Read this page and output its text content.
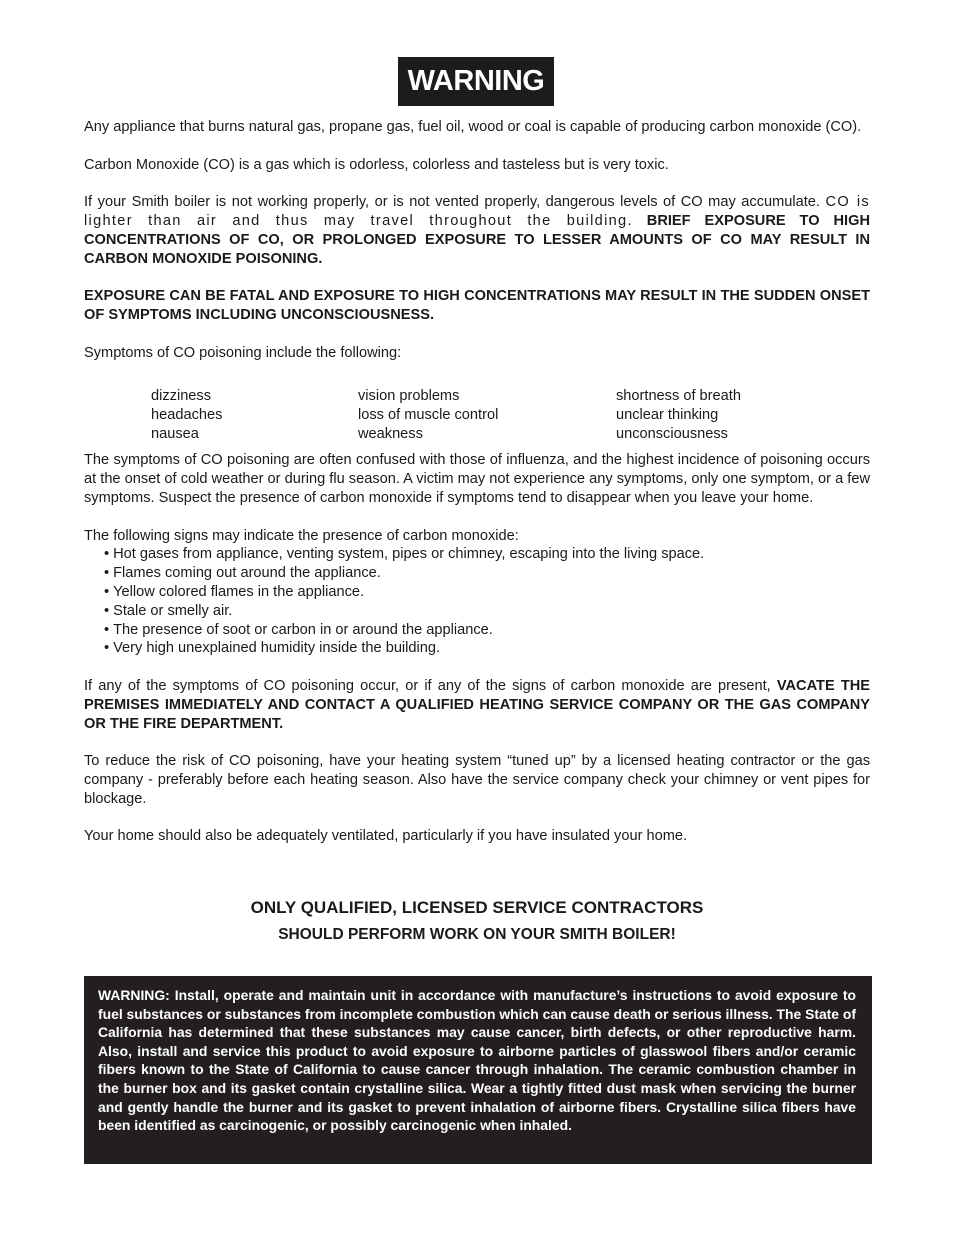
WARNING

Any appliance that burns natural gas, propane gas, fuel oil, wood or coal is capable of producing carbon monoxide (CO).

Carbon Monoxide (CO) is a gas which is odorless, colorless and tasteless but is very toxic.

If your Smith boiler is not working properly, or is not vented properly, dangerous levels of CO may accumulate. CO is lighter than air and thus may travel throughout the building. BRIEF EXPOSURE TO HIGH CONCENTRATIONS OF CO, OR PROLONGED EXPOSURE TO LESSER AMOUNTS OF CO MAY RESULT IN CARBON MONOXIDE POISONING.

EXPOSURE CAN BE FATAL AND EXPOSURE TO HIGH CONCENTRATIONS MAY RESULT IN THE SUDDEN ONSET OF SYMPTOMS INCLUDING UNCONSCIOUSNESS.

Symptoms of CO poisoning include the following:

dizziness
headaches
nausea
vision problems
loss of muscle control
weakness
shortness of breath
unclear thinking
unconsciousness

The symptoms of CO poisoning are often confused with those of influenza, and the highest incidence of poisoning occurs at the onset of cold weather or during flu season. A victim may not experience any symptoms, only one symptom, or a few symptoms. Suspect the presence of carbon monoxide if symptoms tend to disappear when you leave your home.

The following signs may indicate the presence of carbon monoxide:

• Hot gases from appliance, venting system, pipes or chimney, escaping into the living space.
• Flames coming out around the appliance.
• Yellow colored flames in the appliance.
• Stale or smelly air.
• The presence of soot or carbon in or around the appliance.
• Very high unexplained humidity inside the building.

If any of the symptoms of CO poisoning occur, or if any of the signs of carbon monoxide are present, VACATE THE PREMISES IMMEDIATELY AND CONTACT A QUALIFIED HEATING SERVICE COMPANY OR THE GAS COMPANY OR THE FIRE DEPARTMENT.

To reduce the risk of CO poisoning, have your heating system “tuned up” by a licensed heating contractor or the gas company - preferably before each heating season. Also have the service company check your chimney or vent pipes for blockage.

Your home should also be adequately ventilated, particularly if you have insulated your home.

ONLY QUALIFIED, LICENSED SERVICE CONTRACTORS
SHOULD PERFORM WORK ON YOUR SMITH BOILER!
WARNING: Install, operate and maintain unit in accordance with manufacture’s instructions to avoid exposure to fuel substances or substances from incomplete combustion which can cause death or serious illness. The State of California has determined that these substances may cause cancer, birth defects, or other reproductive harm. Also, install and service this product to avoid exposure to airborne particles of glasswool fibers and/or ceramic fibers known to the State of California to cause cancer through inhalation. The ceramic combustion chamber in the burner box and its gasket contain crystalline silica. Wear a tightly fitted dust mask when servicing the burner and gently handle the burner and its gasket to prevent inhalation of airborne fibers. Crystalline silica fibers have been identified as carcinogenic, or possibly carcinogenic when inhaled.
